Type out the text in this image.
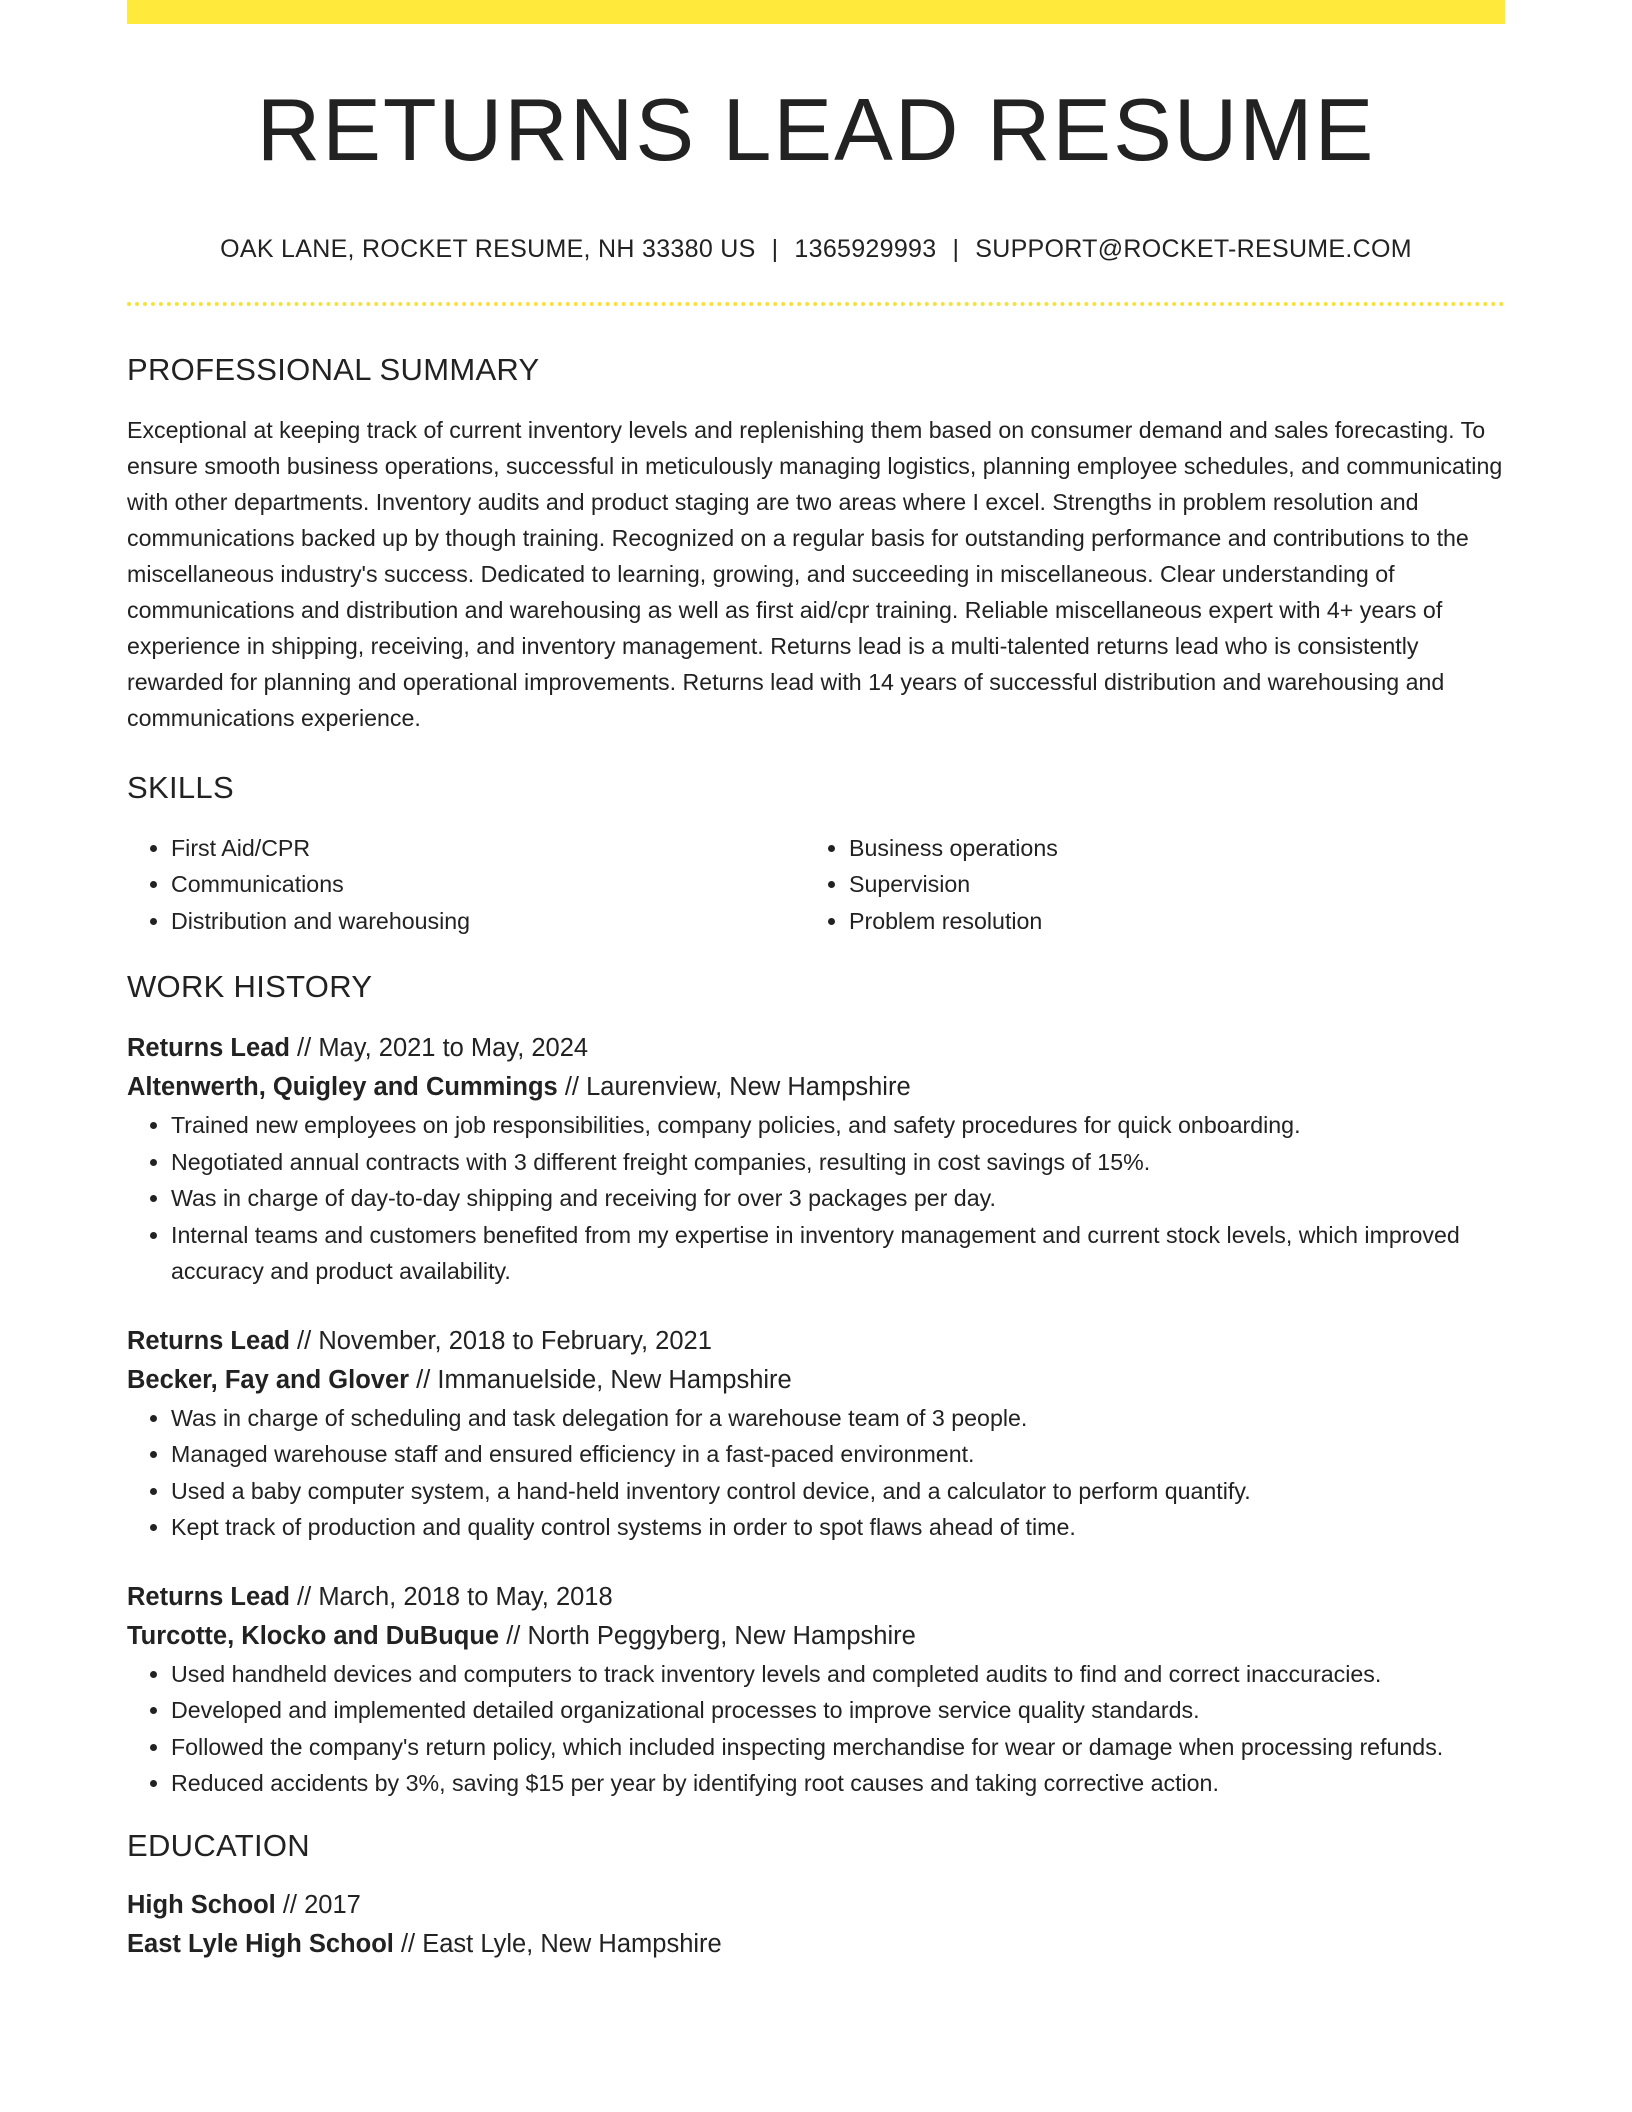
RETURNS LEAD RESUME
OAK LANE, ROCKET RESUME, NH 33380 US | 1365929993 | SUPPORT@ROCKET-RESUME.COM
PROFESSIONAL SUMMARY

Exceptional at keeping track of current inventory levels and replenishing them based on consumer demand and sales forecasting. To ensure smooth business operations, successful in meticulously managing logistics, planning employee schedules, and communicating with other departments. Inventory audits and product staging are two areas where I excel. Strengths in problem resolution and communications backed up by though training. Recognized on a regular basis for outstanding performance and contributions to the miscellaneous industry's success. Dedicated to learning, growing, and succeeding in miscellaneous. Clear understanding of communications and distribution and warehousing as well as first aid/cpr training. Reliable miscellaneous expert with 4+ years of experience in shipping, receiving, and inventory management. Returns lead is a multi-talented returns lead who is consistently rewarded for planning and operational improvements. Returns lead with 14 years of successful distribution and warehousing and communications experience.

SKILLS
• First Aid/CPR
• Communications
• Distribution and warehousing
• Business operations
• Supervision
• Problem resolution
WORK HISTORY
Returns Lead // May, 2021 to May, 2024
Altenwerth, Quigley and Cummings // Laurenview, New Hampshire
• Trained new employees on job responsibilities, company policies, and safety procedures for quick onboarding.
• Negotiated annual contracts with 3 different freight companies, resulting in cost savings of 15%.
• Was in charge of day-to-day shipping and receiving for over 3 packages per day.
• Internal teams and customers benefited from my expertise in inventory management and current stock levels, which improved accuracy and product availability.
Returns Lead // November, 2018 to February, 2021
Becker, Fay and Glover // Immanuelside, New Hampshire
• Was in charge of scheduling and task delegation for a warehouse team of 3 people.
• Managed warehouse staff and ensured efficiency in a fast-paced environment.
• Used a baby computer system, a hand-held inventory control device, and a calculator to perform quantify.
• Kept track of production and quality control systems in order to spot flaws ahead of time.
Returns Lead // March, 2018 to May, 2018
Turcotte, Klocko and DuBuque // North Peggyberg, New Hampshire
• Used handheld devices and computers to track inventory levels and completed audits to find and correct inaccuracies.
• Developed and implemented detailed organizational processes to improve service quality standards.
• Followed the company's return policy, which included inspecting merchandise for wear or damage when processing refunds.
• Reduced accidents by 3%, saving $15 per year by identifying root causes and taking corrective action.
EDUCATION
High School // 2017
East Lyle High School // East Lyle, New Hampshire
